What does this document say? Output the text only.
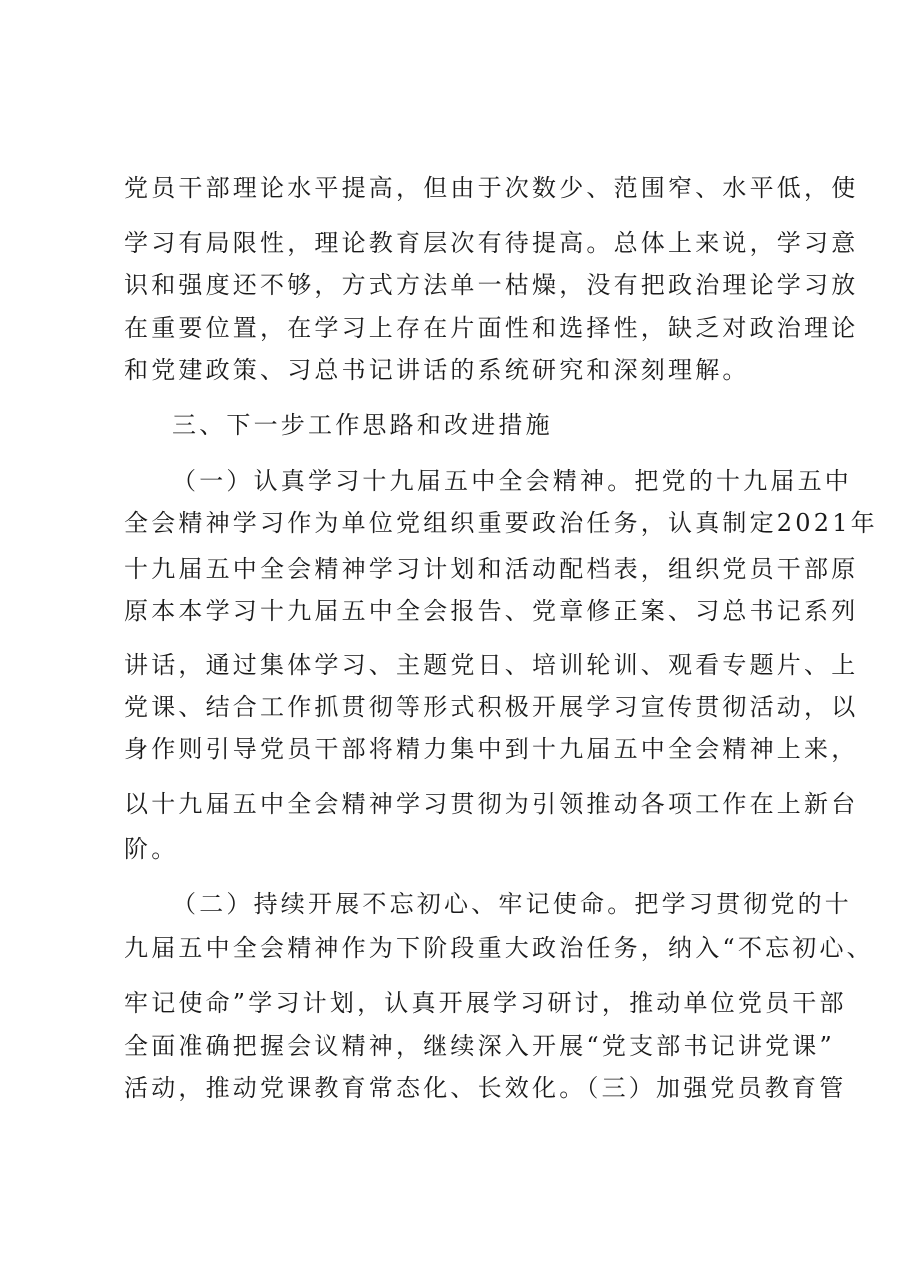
党员干部理论水平提高，但由于次数少、范围窄、水平低，使
学习有局限性，理论教育层次有待提高。总体上来说，学习意
识和强度还不够，方式方法单一枯燥，没有把政治理论学习放
在重要位置，在学习上存在片面性和选择性，缺乏对政治理论
和党建政策、习总书记讲话的系统研究和深刻理解。
三、下一步工作思路和改进措施
（一）认真学习十九届五中全会精神。把党的十九届五中
全会精神学习作为单位党组织重要政治任务，认真制定2021年
十九届五中全会精神学习计划和活动配档表，组织党员干部原
原本本学习十九届五中全会报告、党章修正案、习总书记系列
讲话，通过集体学习、主题党日、培训轮训、观看专题片、上
党课、结合工作抓贯彻等形式积极开展学习宣传贯彻活动，以
身作则引导党员干部将精力集中到十九届五中全会精神上来，
以十九届五中全会精神学习贯彻为引领推动各项工作在上新台
阶。
（二）持续开展不忘初心、牢记使命。把学习贯彻党的十
九届五中全会精神作为下阶段重大政治任务，纳入“不忘初心、
牢记使命”学习计划，认真开展学习研讨，推动单位党员干部
全面准确把握会议精神，继续深入开展“党支部书记讲党课”
活动，推动党课教育常态化、长效化。（三）加强党员教育管
